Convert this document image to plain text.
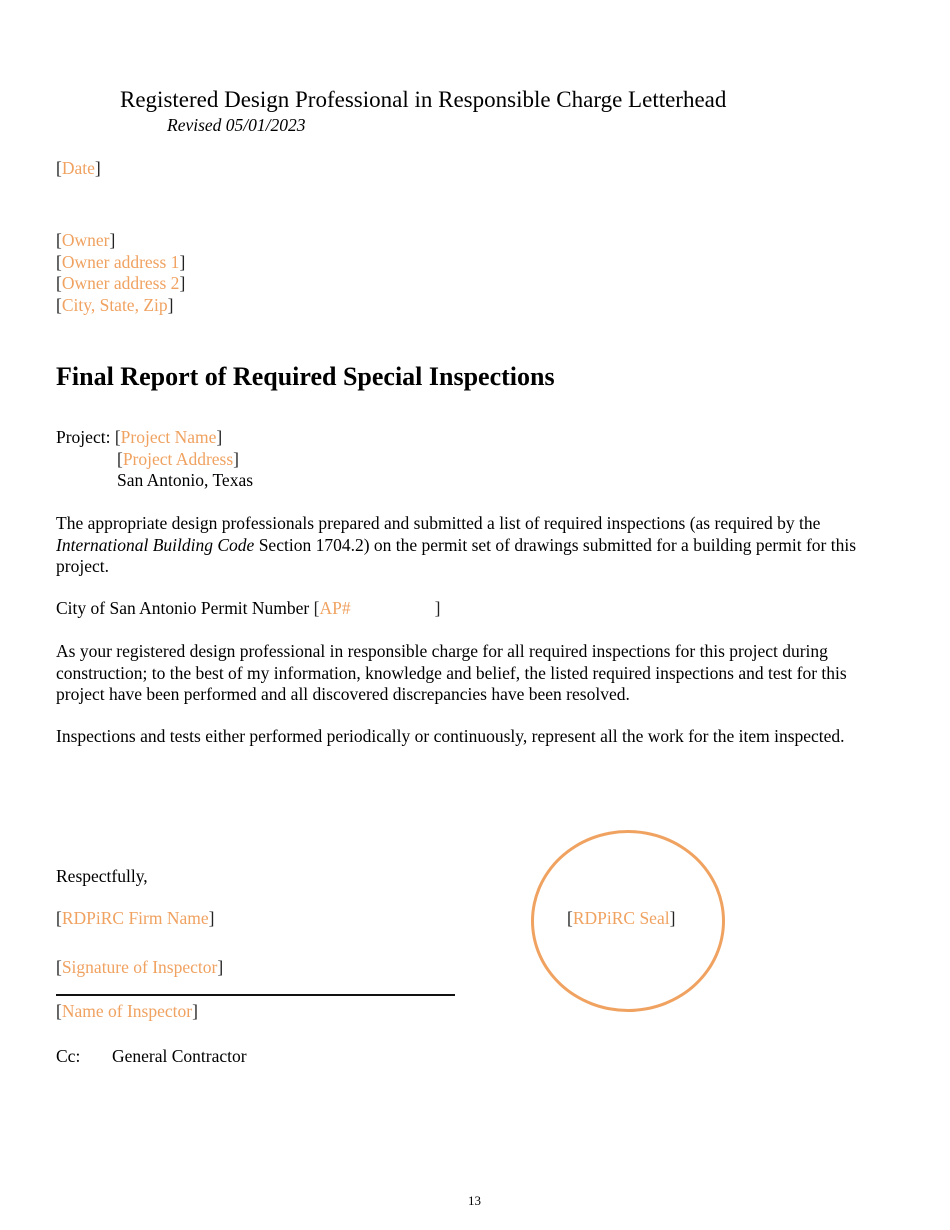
Registered Design Professional in Responsible Charge Letterhead
Revised 05/01/2023
[Date]
[Owner]
[Owner address 1]
[Owner address 2]
[City, State, Zip]
Final Report of Required Special Inspections
Project: [Project Name]
[Project Address]
San Antonio, Texas
The appropriate design professionals prepared and submitted a list of required inspections (as required by the International Building Code Section 1704.2) on the permit set of drawings submitted for a building permit for this project.
City of San Antonio Permit Number [AP#	]
As your registered design professional in responsible charge for all required inspections for this project during construction; to the best of my information, knowledge and belief, the listed required inspections and test for this project have been performed and all discovered discrepancies have been resolved.
Inspections and tests either performed periodically or continuously, represent all the work for the item inspected.
Respectfully,
[RDPiRC Firm Name]
[Signature of Inspector]
[Name of Inspector]
Cc: General Contractor
[RDPiRC Seal]
13
